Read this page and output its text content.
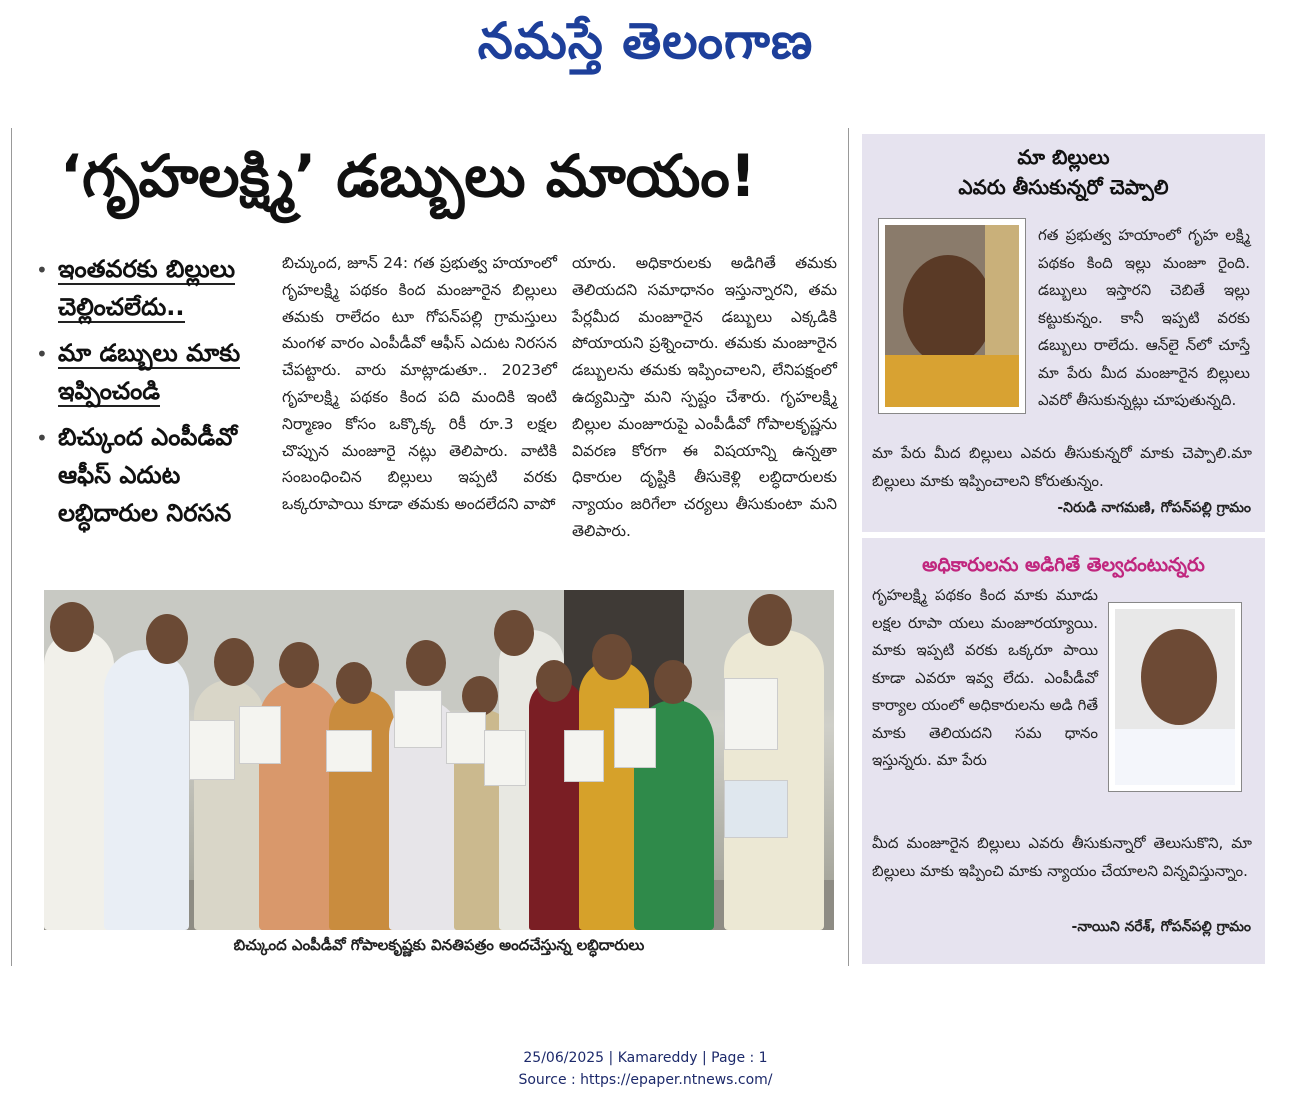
నమస్తే తెలంగాణ
‘గృహలక్ష్మి’ డబ్బులు మాయం!
• ఇంతవరకు బిల్లులు చెల్లించలేదు..
• మా డబ్బులు మాకు ఇప్పించండి
• బిచ్కుంద ఎంపీడీవో ఆఫీస్ ఎదుట లబ్ధిదారుల నిరసన
బిచ్కుంద, జూన్ 24: గత ప్రభుత్వ హయాంలో గృహలక్ష్మి పథకం కింద మంజూరైన బిల్లులు తమకు రాలేదం టూ గోపన్‌పల్లి గ్రామస్తులు మంగళ వారం ఎంపీడీవో ఆఫీస్ ఎదుట నిరసన చేపట్టారు. వారు మాట్లాడుతూ.. 2023లో గృహలక్ష్మి పథకం కింద పది మందికి ఇంటి నిర్మాణం కోసం ఒక్కొక్క రికీ రూ.3 లక్షల చొప్పున మంజూరై నట్లు తెలిపారు. వాటికి సంబంధించిన బిల్లులు ఇప్పటి వరకు ఒక్కరూపాయి కూడా తమకు అందలేదని వాపో
యారు. అధికారులకు అడిగితే తమకు తెలియదని సమాధానం ఇస్తున్నారని, తమ పేర్లమీద మంజూరైన డబ్బులు ఎక్కడికి పోయాయని ప్రశ్నించారు. తమకు మంజూరైన డబ్బులను తమకు ఇప్పించాలని, లేనిపక్షంలో ఉద్యమిస్తా మని స్పష్టం చేశారు. గృహలక్ష్మి బిల్లుల మంజూరుపై ఎంపీడీవో గోపాలకృష్ణను వివరణ కోరగా ఈ విషయాన్ని ఉన్నతా ధికారుల దృష్టికి తీసుకెళ్లి లబ్ధిదారులకు న్యాయం జరిగేలా చర్యలు తీసుకుంటా మని తెలిపారు.
బిచ్కుంద ఎంపీడీవో గోపాలకృష్ణకు వినతిపత్రం అందచేస్తున్న లబ్ధిదారులు
మా బిల్లులు
ఎవరు తీసుకున్నరో చెప్పాలి
గత ప్రభుత్వ హయాంలో గృహ లక్ష్మి పథకం కింది ఇల్లు మంజూ రైంది. డబ్బులు ఇస్తారని చెబితే ఇల్లు కట్టుకున్నం. కానీ ఇప్పటి వరకు డబ్బులు రాలేదు. ఆన్‌లై న్‌లో చూస్తే మా పేరు మీద మంజూరైన బిల్లులు ఎవరో తీసుకున్నట్లు చూపుతున్నది.
మా పేరు మీద బిల్లులు ఎవరు తీసుకున్నరో మాకు చెప్పాలి.మా బిల్లులు మాకు ఇప్పించాలని కోరుతున్నం.
-నిరుడి నాగమణి, గోపన్‌పల్లి గ్రామం
అధికారులను అడిగితే తెల్వదంటున్నరు
గృహలక్ష్మి పథకం కింద మాకు మూడు లక్షల రూపా యలు మంజూరయ్యాయి. మాకు ఇప్పటి వరకు ఒక్కరూ పాయి కూడా ఎవరూ ఇవ్వ లేదు. ఎంపీడీవో కార్యాల యంలో అధికారులను అడి గితే మాకు తెలియదని సమ ధానం ఇస్తున్నరు. మా పేరు
మీద మంజూరైన బిల్లులు ఎవరు తీసుకున్నారో తెలుసుకొని, మా బిల్లులు మాకు ఇప్పించి మాకు న్యాయం చేయాలని విన్నవిస్తున్నాం.
-నాయిని నరేశ్, గోపన్‌పల్లి గ్రామం
25/06/2025 | Kamareddy | Page : 1
Source : https://epaper.ntnews.com/
